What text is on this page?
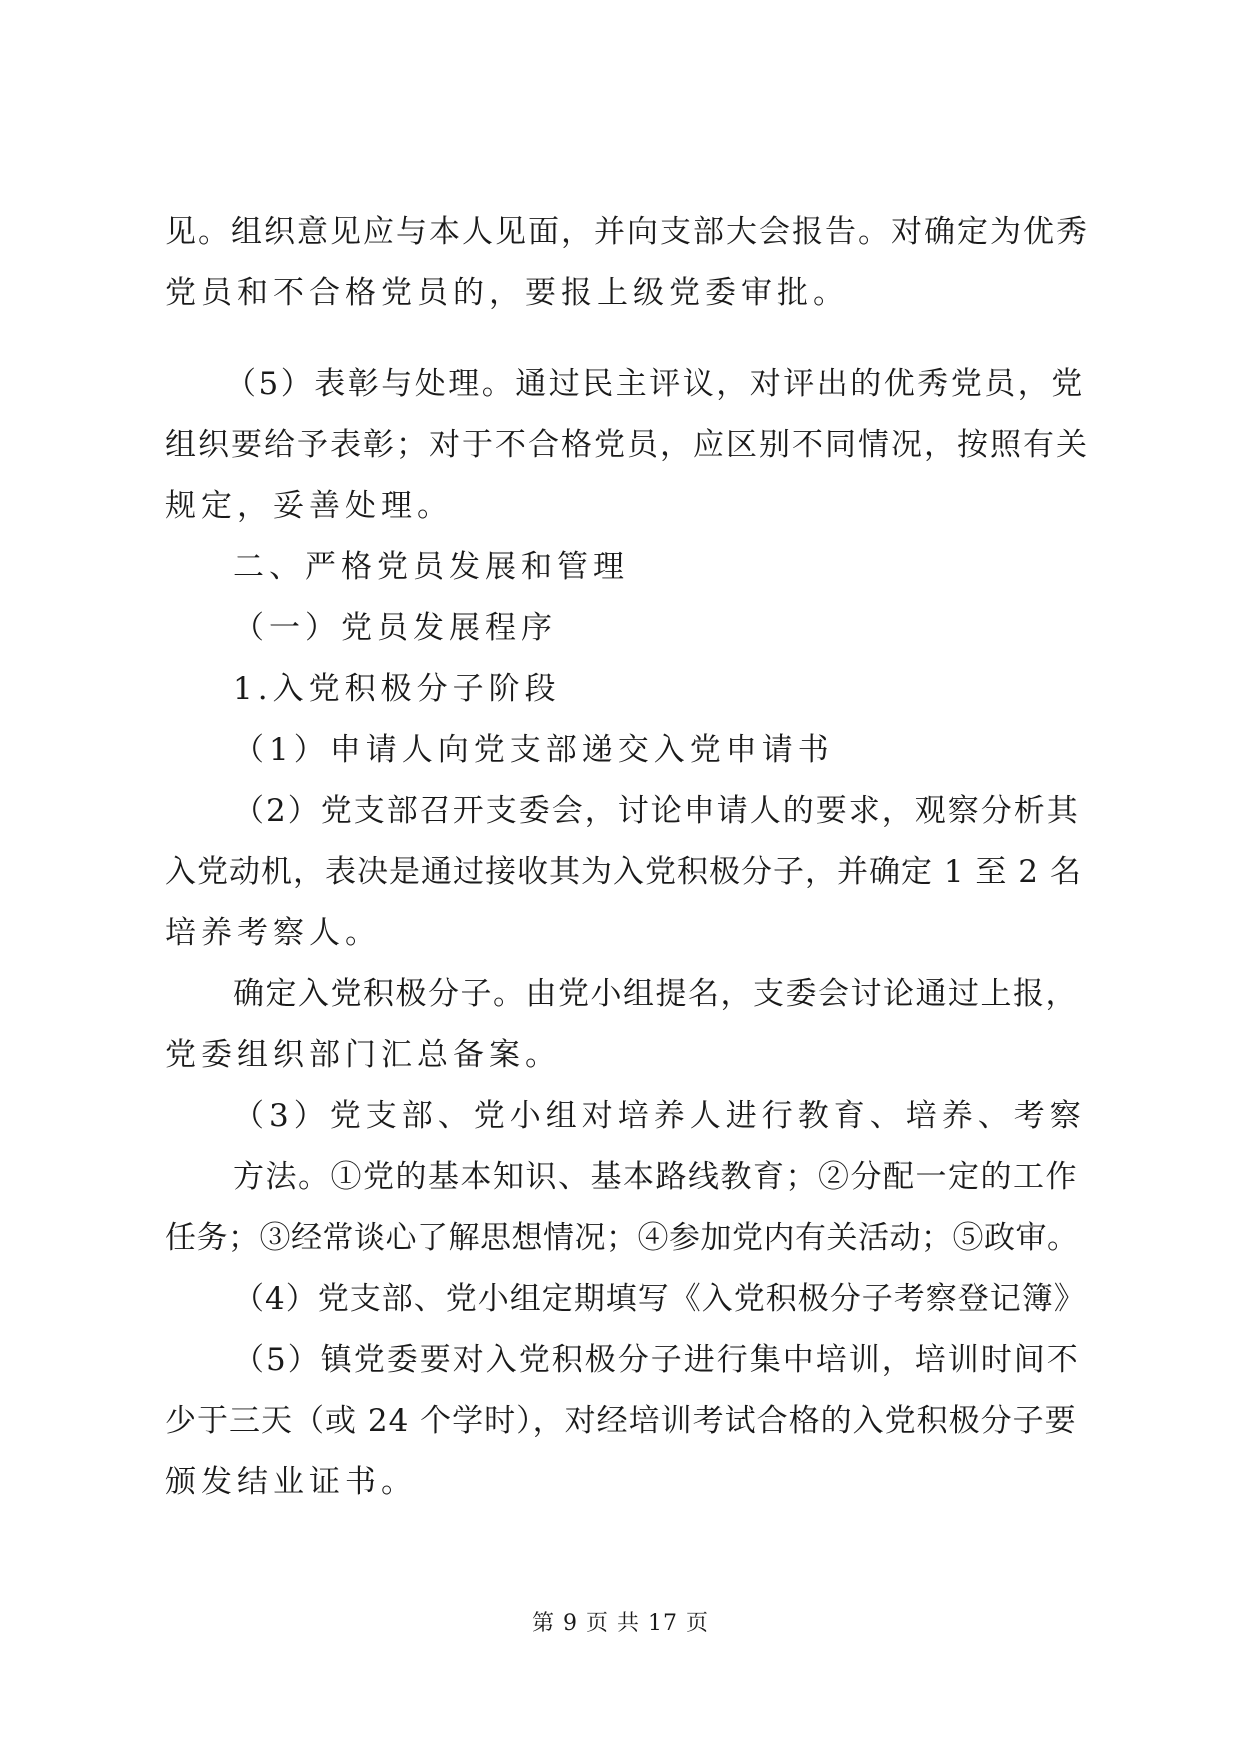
见。组织意见应与本人见面，并向支部大会报告。对确定为优秀
党员和不合格党员的，要报上级党委审批。
（5）表彰与处理。通过民主评议，对评出的优秀党员，党
组织要给予表彰；对于不合格党员，应区别不同情况，按照有关
规定，妥善处理。
二、严格党员发展和管理
（一）党员发展程序
1.入党积极分子阶段
（1）申请人向党支部递交入党申请书
（2）党支部召开支委会，讨论申请人的要求，观察分析其
入党动机，表决是通过接收其为入党积极分子，并确定 1 至 2 名
培养考察人。
确定入党积极分子。由党小组提名，支委会讨论通过上报，
党委组织部门汇总备案。
（3）党支部、党小组对培养人进行教育、培养、考察
方法。①党的基本知识、基本路线教育；②分配一定的工作
任务；③经常谈心了解思想情况；④参加党内有关活动；⑤政审。
（4）党支部、党小组定期填写《入党积极分子考察登记簿》
（5）镇党委要对入党积极分子进行集中培训，培训时间不
少于三天（或 24 个学时），对经培训考试合格的入党积极分子要
颁发结业证书。
第 9 页 共 17 页
